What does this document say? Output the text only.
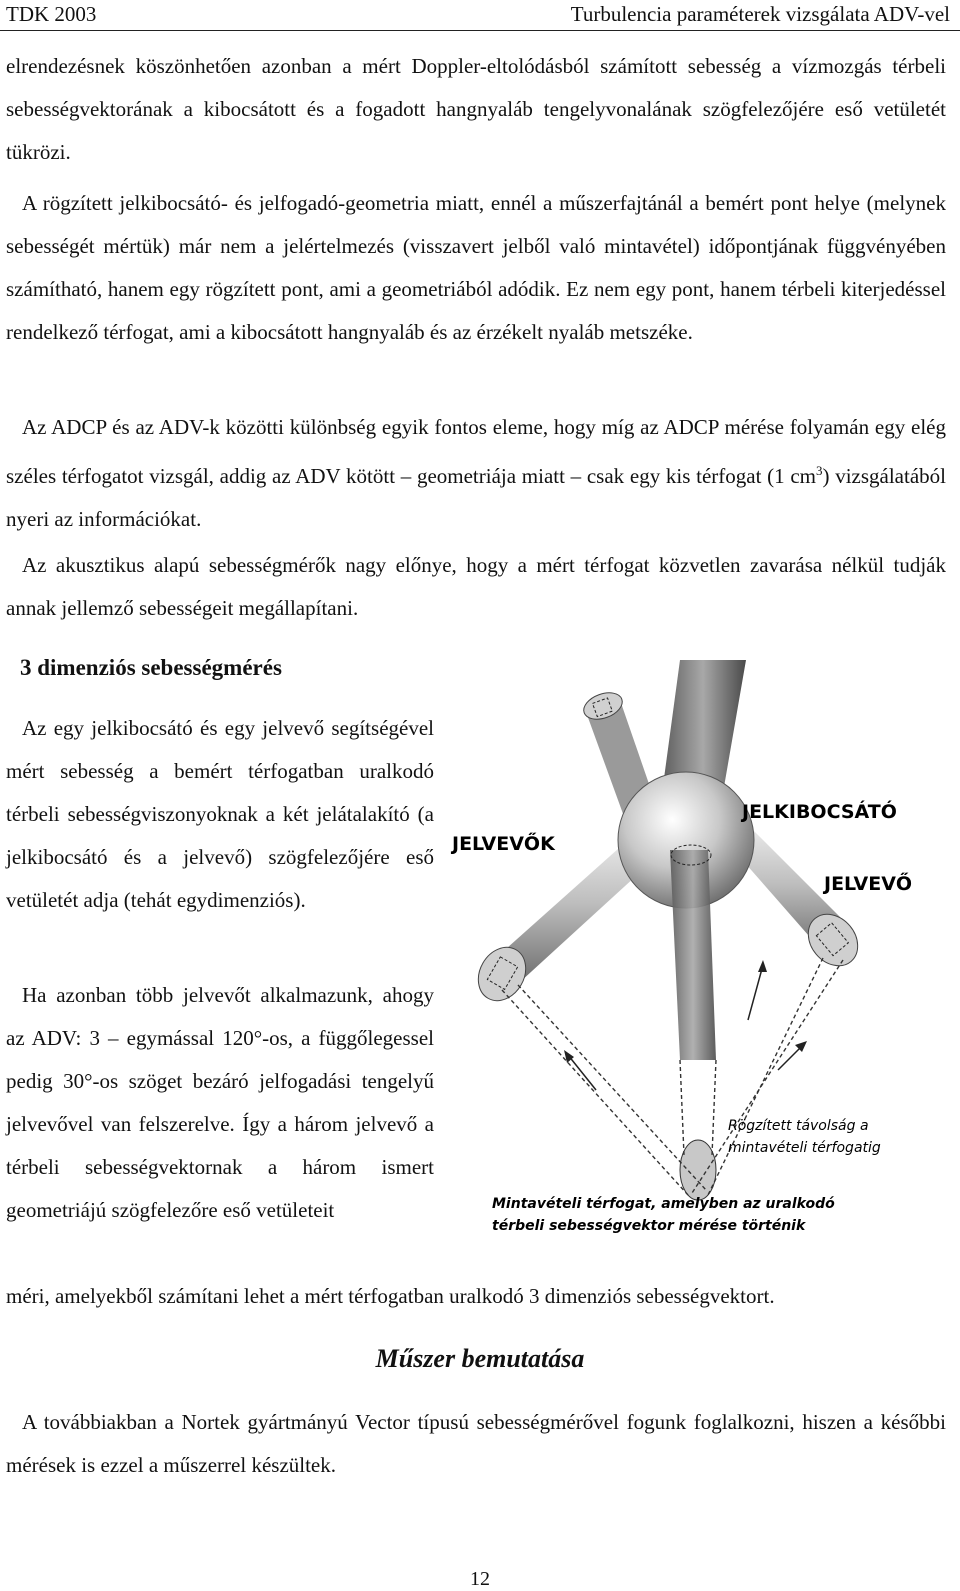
TDK 2003	Turbulencia paraméterek vizsgálata ADV-vel

elrendezésnek köszönhetően azonban a mért Doppler-eltolódásból számított sebesség a vízmozgás térbeli sebességvektorának a kibocsátott és a fogadott hangnyaláb tengelyvonalának szögfelezőjére eső vetületét tükrözi.

A rögzített jelkibocsátó- és jelfogadó-geometria miatt, ennél a műszerfajtánál a bemért pont helye (melynek sebességét mértük) már nem a jelértelmezés (visszavert jelből való mintavétel) időpontjának függvényében számítható, hanem egy rögzített pont, ami a geometriából adódik. Ez nem egy pont, hanem térbeli kiterjedéssel rendelkező térfogat, ami a kibocsátott hangnyaláb és az érzékelt nyaláb metszéke.

Az ADCP és az ADV-k közötti különbség egyik fontos eleme, hogy míg az ADCP mérése folyamán egy elég széles térfogatot vizsgál, addig az ADV kötött – geometriája miatt – csak egy kis térfogat (1 $cm^3$) vizsgálatából nyeri az információkat.

Az akusztikus alapú sebességmérők nagy előnye, hogy a mért térfogat közvetlen zavarása nélkül tudják annak jellemző sebességeit megállapítani.

3 dimenziós sebességmérés

Az egy jelkibocsátó és egy jelvevő segítségével mért sebesség a bemért térfogatban uralkodó térbeli sebességviszonyoknak a két jelátalakító (a jelkibocsátó és a jelvevő) szögfelezőjére eső vetületét adja (tehát egydimenziós).

Ha azonban több jelvevőt alkalmazunk, ahogy az ADV: 3 – egymással 120°-os, a függőlegessel pedig 30°-os szöget bezáró jelfogadási tengelyű jelvevővel van felszerelve. Így a három jelvevő a térbeli sebességvektornak a három ismert geometriájú szögfelezőre eső vetületeit

méri, amelyekből számítani lehet a mért térfogatban uralkodó 3 dimenziós sebességvektort.

Műszer bemutatása

A továbbiakban a Nortek gyártmányú Vector típusú sebességmérővel fogunk foglalkozni, hiszen a későbbi mérések is ezzel a műszerrel készültek.

12
JELKIBOCSÁTÓ
JELVEVŐK
JELVEVŐ
Rögzített távolság a
mintavételi térfogatig
Mintavételi térfogat, amelyben az uralkodó
térbeli sebességvektor mérése történik
